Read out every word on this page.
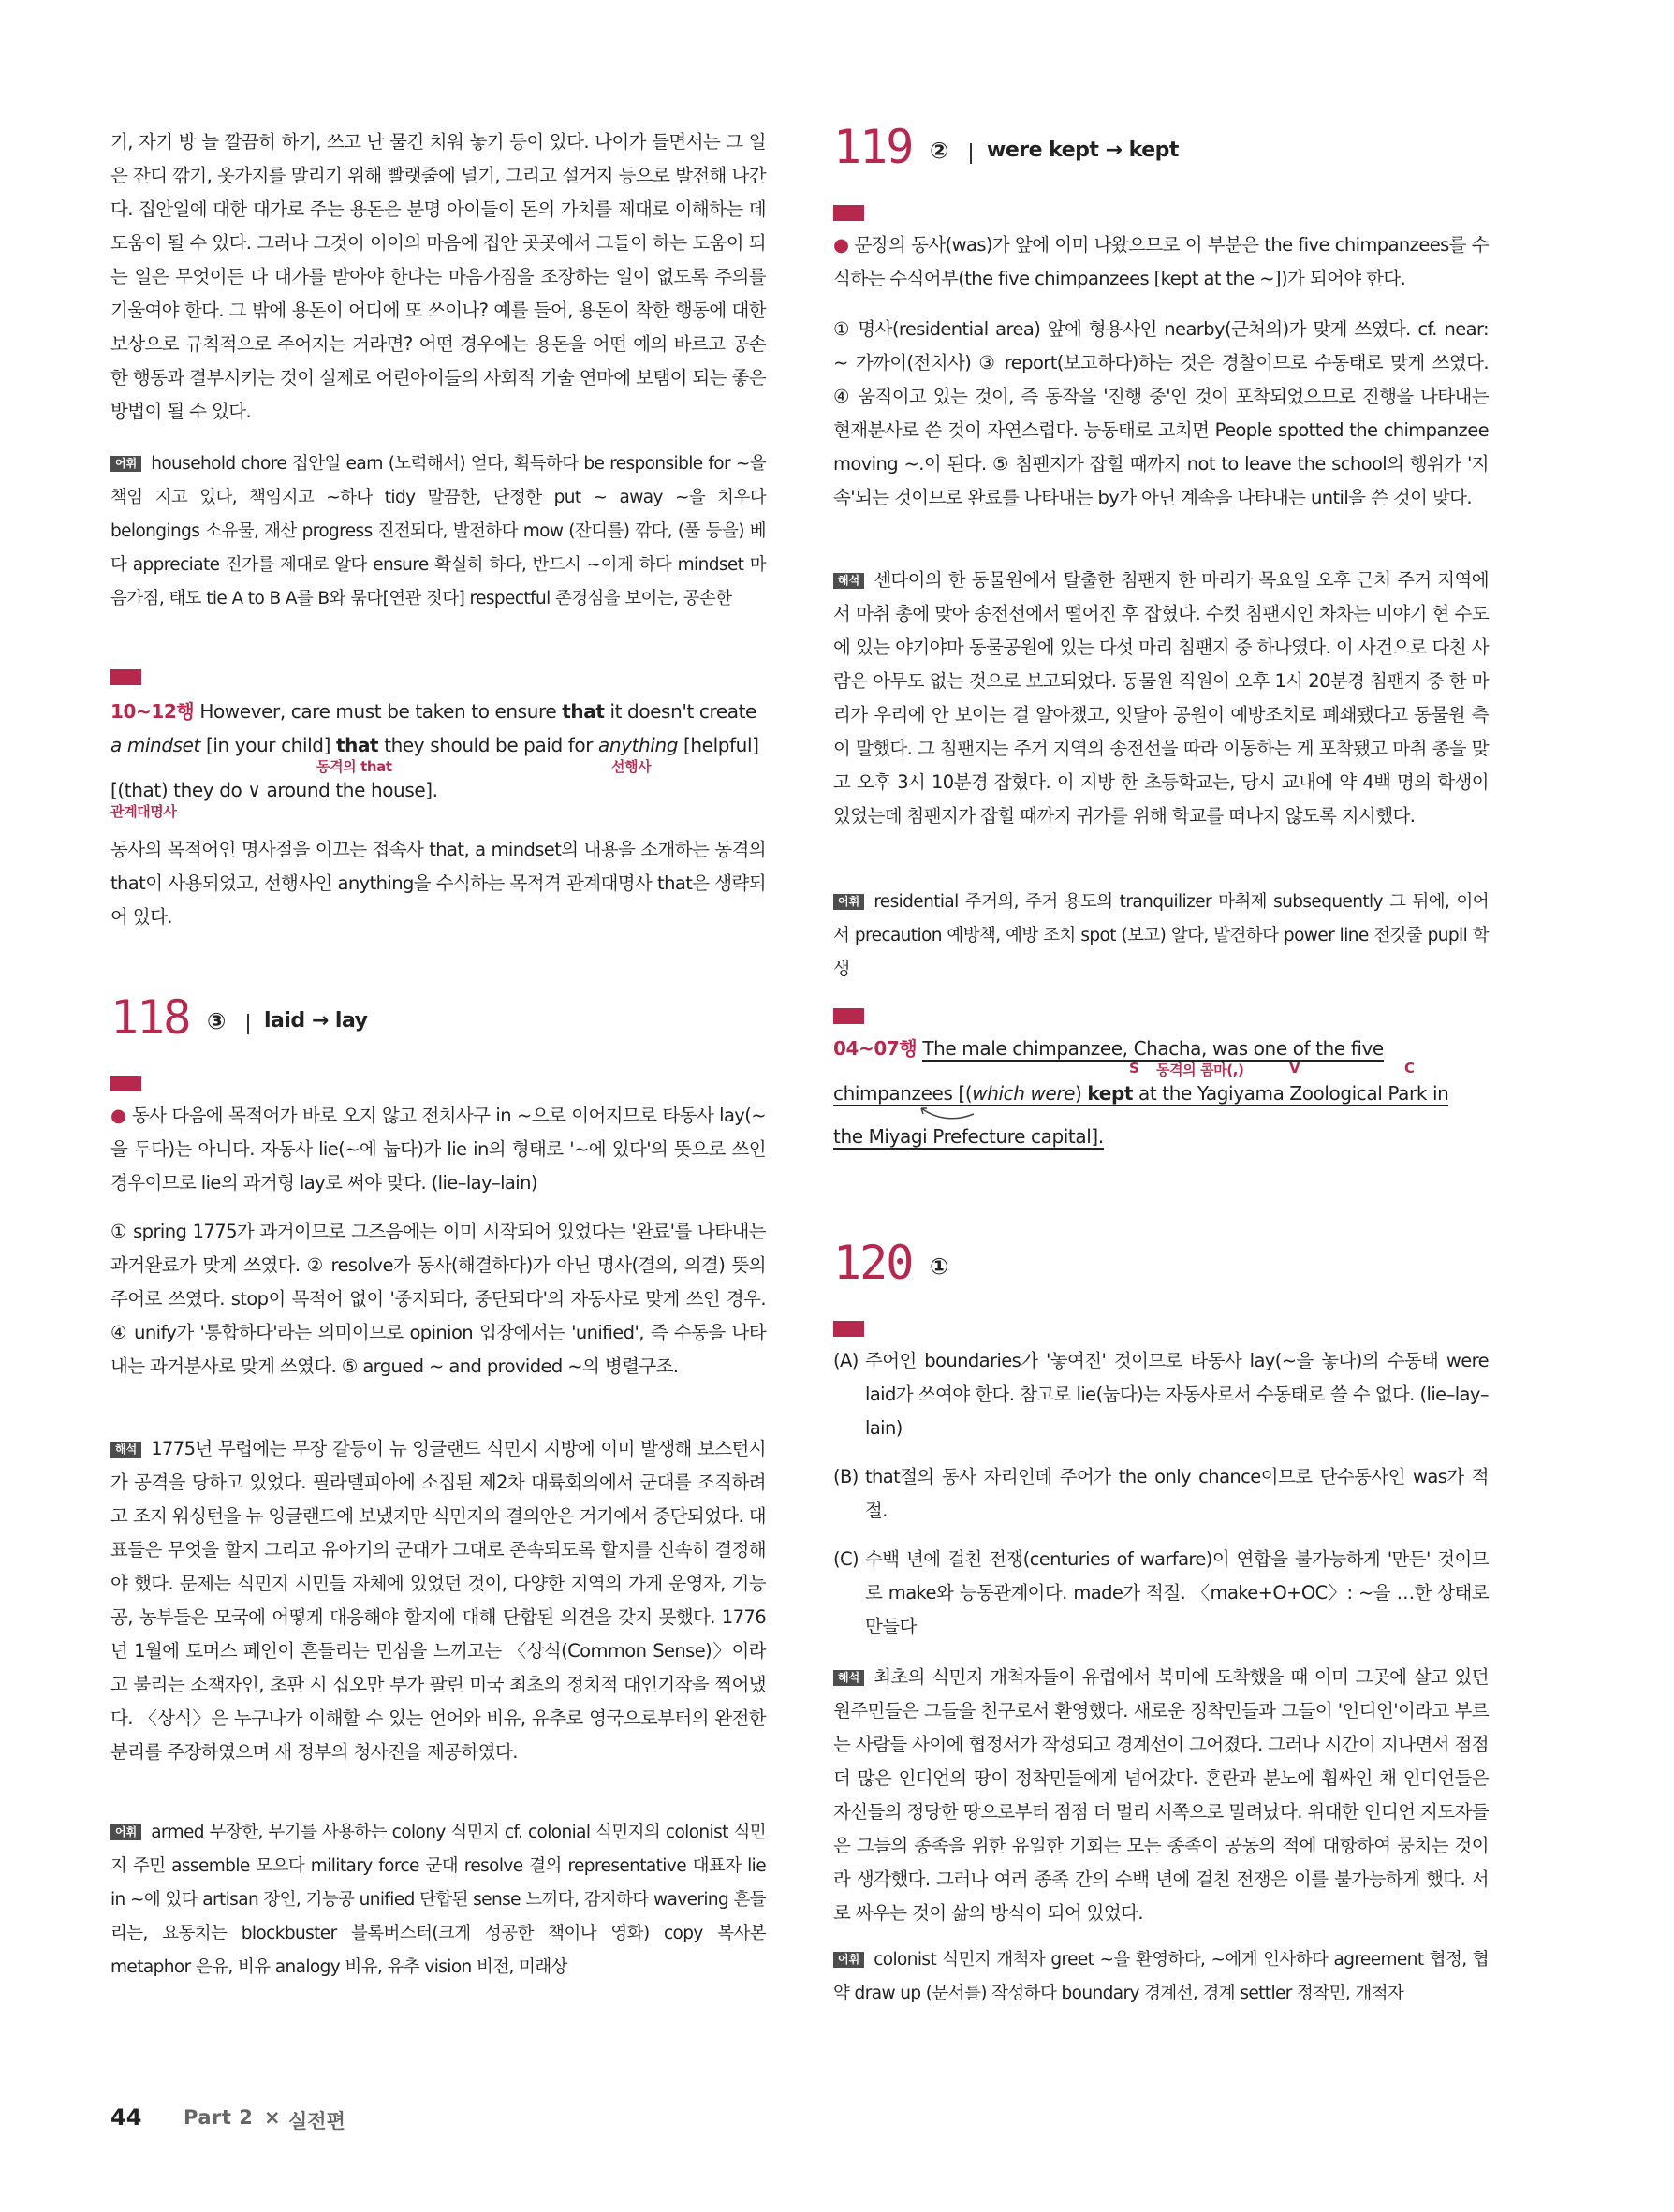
기, 자기 방 늘 깔끔히 하기, 쓰고 난 물건 치워 놓기 등이 있다. 나이가 들면서는 그 일은 잔디 깎기, 옷가지를 말리기 위해 빨랫줄에 널기, 그리고 설거지 등으로 발전해 나간다. 집안일에 대한 대가로 주는 용돈은 분명 아이들이 돈의 가치를 제대로 이해하는 데 도움이 될 수 있다. 그러나 그것이 이이의 마음에 집안 곳곳에서 그들이 하는 도움이 되는 일은 무엇이든 다 대가를 받아야 한다는 마음가짐을 조장하는 일이 없도록 주의를 기울여야 한다. 그 밖에 용돈이 어디에 또 쓰이나? 예를 들어, 용돈이 착한 행동에 대한 보상으로 규칙적으로 주어지는 거라면? 어떤 경우에는 용돈을 어떤 예의 바르고 공손한 행동과 결부시키는 것이 실제로 어린아이들의 사회적 기술 연마에 보탬이 되는 좋은 방법이 될 수 있다.

어휘 household chore 집안일 earn (노력해서) 얻다, 획득하다 be responsible for ~을 책임 지고 있다, 책임지고 ~하다 tidy 말끔한, 단정한 put ~ away ~을 치우다 belongings 소유물, 재산 progress 진전되다, 발전하다 mow (잔디를) 깎다, (풀 등을) 베다 appreciate 진가를 제대로 알다 ensure 확실히 하다, 반드시 ~이게 하다 mindset 마음가짐, 태도 tie A to B A를 B와 묶다[연관 짓다] respectful 존경심을 보이는, 공손한

구문
10~12행 However, care must be taken to ensure that it doesn't create
a mindset [in your child] that they should be paid for anything [helpful]
동격의 that	선행사
[(that) they do ∨ around the house].
관계대명사

동사의 목적어인 명사절을 이끄는 접속사 that, a mindset의 내용을 소개하는 동격의 that이 사용되었고, 선행사인 anything을 수식하는 목적격 관계대명사 that은 생략되어 있다.

118 ③ laid → lay
해설

● 동사 다음에 목적어가 바로 오지 않고 전치사구 in ~으로 이어지므로 타동사 lay(~을 두다)는 아니다. 자동사 lie(~에 눕다)가 lie in의 형태로 '~에 있다'의 뜻으로 쓰인 경우이므로 lie의 과거형 lay로 써야 맞다. (lie–lay–lain)

① spring 1775가 과거이므로 그즈음에는 이미 시작되어 있었다는 '완료'를 나타내는 과거완료가 맞게 쓰였다. ② resolve가 동사(해결하다)가 아닌 명사(결의, 의결) 뜻의 주어로 쓰였다. stop이 목적어 없이 '중지되다, 중단되다'의 자동사로 맞게 쓰인 경우. ④ unify가 '통합하다'라는 의미이므로 opinion 입장에서는 'unified', 즉 수동을 나타내는 과거분사로 맞게 쓰였다. ⑤ argued ~ and provided ~의 병렬구조.

해석 1775년 무렵에는 무장 갈등이 뉴 잉글랜드 식민지 지방에 이미 발생해 보스턴시가 공격을 당하고 있었다. 필라델피아에 소집된 제2차 대륙회의에서 군대를 조직하려고 조지 워싱턴을 뉴 잉글랜드에 보냈지만 식민지의 결의안은 거기에서 중단되었다. 대표들은 무엇을 할지 그리고 유아기의 군대가 그대로 존속되도록 할지를 신속히 결정해야 했다. 문제는 식민지 시민들 자체에 있었던 것이, 다양한 지역의 가게 운영자, 기능공, 농부들은 모국에 어떻게 대응해야 할지에 대해 단합된 의견을 갖지 못했다. 1776년 1월에 토머스 페인이 흔들리는 민심을 느끼고는 〈상식(Common Sense)〉이라고 불리는 소책자인, 초판 시 십오만 부가 팔린 미국 최초의 정치적 대인기작을 찍어냈다. 〈상식〉은 누구나가 이해할 수 있는 언어와 비유, 유추로 영국으로부터의 완전한 분리를 주장하였으며 새 정부의 청사진을 제공하였다.

어휘 armed 무장한, 무기를 사용하는 colony 식민지 cf. colonial 식민지의 colonist 식민지 주민 assemble 모으다 military force 군대 resolve 결의 representative 대표자 lie in ~에 있다 artisan 장인, 기능공 unified 단합된 sense 느끼다, 감지하다 wavering 흔들리는, 요동치는 blockbuster 블록버스터(크게 성공한 책이나 영화) copy 복사본 metaphor 은유, 비유 analogy 비유, 유추 vision 비전, 미래상

119 ② were kept → kept
해설

● 문장의 동사(was)가 앞에 이미 나왔으므로 이 부분은 the five chimpanzees를 수식하는 수식어부(the five chimpanzees [kept at the ~])가 되어야 한다.

① 명사(residential area) 앞에 형용사인 nearby(근처의)가 맞게 쓰였다. cf. near: ~ 가까이(전치사) ③ report(보고하다)하는 것은 경찰이므로 수동태로 맞게 쓰였다. ④ 움직이고 있는 것이, 즉 동작을 '진행 중'인 것이 포착되었으므로 진행을 나타내는 현재분사로 쓴 것이 자연스럽다. 능동태로 고치면 People spotted the chimpanzee moving ~.이 된다. ⑤ 침팬지가 잡힐 때까지 not to leave the school의 행위가 '지속'되는 것이므로 완료를 나타내는 by가 아닌 계속을 나타내는 until을 쓴 것이 맞다.

해석 센다이의 한 동물원에서 탈출한 침팬지 한 마리가 목요일 오후 근처 주거 지역에서 마취 총에 맞아 송전선에서 떨어진 후 잡혔다. 수컷 침팬지인 차차는 미야기 현 수도에 있는 야기야마 동물공원에 있는 다섯 마리 침팬지 중 하나였다. 이 사건으로 다친 사람은 아무도 없는 것으로 보고되었다. 동물원 직원이 오후 1시 20분경 침팬지 중 한 마리가 우리에 안 보이는 걸 알아챘고, 잇달아 공원이 예방조치로 폐쇄됐다고 동물원 측이 말했다. 그 침팬지는 주거 지역의 송전선을 따라 이동하는 게 포착됐고 마취 총을 맞고 오후 3시 10분경 잡혔다. 이 지방 한 초등학교는, 당시 교내에 약 4백 명의 학생이 있었는데 침팬지가 잡힐 때까지 귀가를 위해 학교를 떠나지 않도록 지시했다.

어휘 residential 주거의, 주거 용도의 tranquilizer 마취제 subsequently 그 뒤에, 이어서 precaution 예방책, 예방 조치 spot (보고) 알다, 발견하다 power line 전깃줄 pupil 학생

구문
04~07행 The male chimpanzee, Chacha, was one of the five
S 동격의 콤마(,)	V	C
chimpanzees [(which were) kept at the Yagiyama Zoological Park in
the Miyagi Prefecture capital].
120 ①
해설
(A) 주어인 boundaries가 '놓여진' 것이므로 타동사 lay(~을 놓다)의 수동태 were laid가 쓰여야 한다. 참고로 lie(눕다)는 자동사로서 수동태로 쓸 수 없다. (lie–lay–lain)
(B) that절의 동사 자리인데 주어가 the only chance이므로 단수동사인 was가 적절.
(C) 수백 년에 걸친 전쟁(centuries of warfare)이 연합을 불가능하게 '만든' 것이므로 make와 능동관계이다. made가 적절. 〈make+O+OC〉: ~을 …한 상태로 만들다

해석 최초의 식민지 개척자들이 유럽에서 북미에 도착했을 때 이미 그곳에 살고 있던 원주민들은 그들을 친구로서 환영했다. 새로운 정착민들과 그들이 '인디언'이라고 부르는 사람들 사이에 협정서가 작성되고 경계선이 그어졌다. 그러나 시간이 지나면서 점점 더 많은 인디언의 땅이 정착민들에게 넘어갔다. 혼란과 분노에 휩싸인 채 인디언들은 자신들의 정당한 땅으로부터 점점 더 멀리 서쪽으로 밀려났다. 위대한 인디언 지도자들은 그들의 종족을 위한 유일한 기회는 모든 종족이 공동의 적에 대항하여 뭉치는 것이라 생각했다. 그러나 여러 종족 간의 수백 년에 걸친 전쟁은 이를 불가능하게 했다. 서로 싸우는 것이 삶의 방식이 되어 있었다.

어휘 colonist 식민지 개척자 greet ~을 환영하다, ~에게 인사하다 agreement 협정, 협약 draw up (문서를) 작성하다 boundary 경계선, 경계 settler 정착민, 개척자

44 Part 2 × 실전편
